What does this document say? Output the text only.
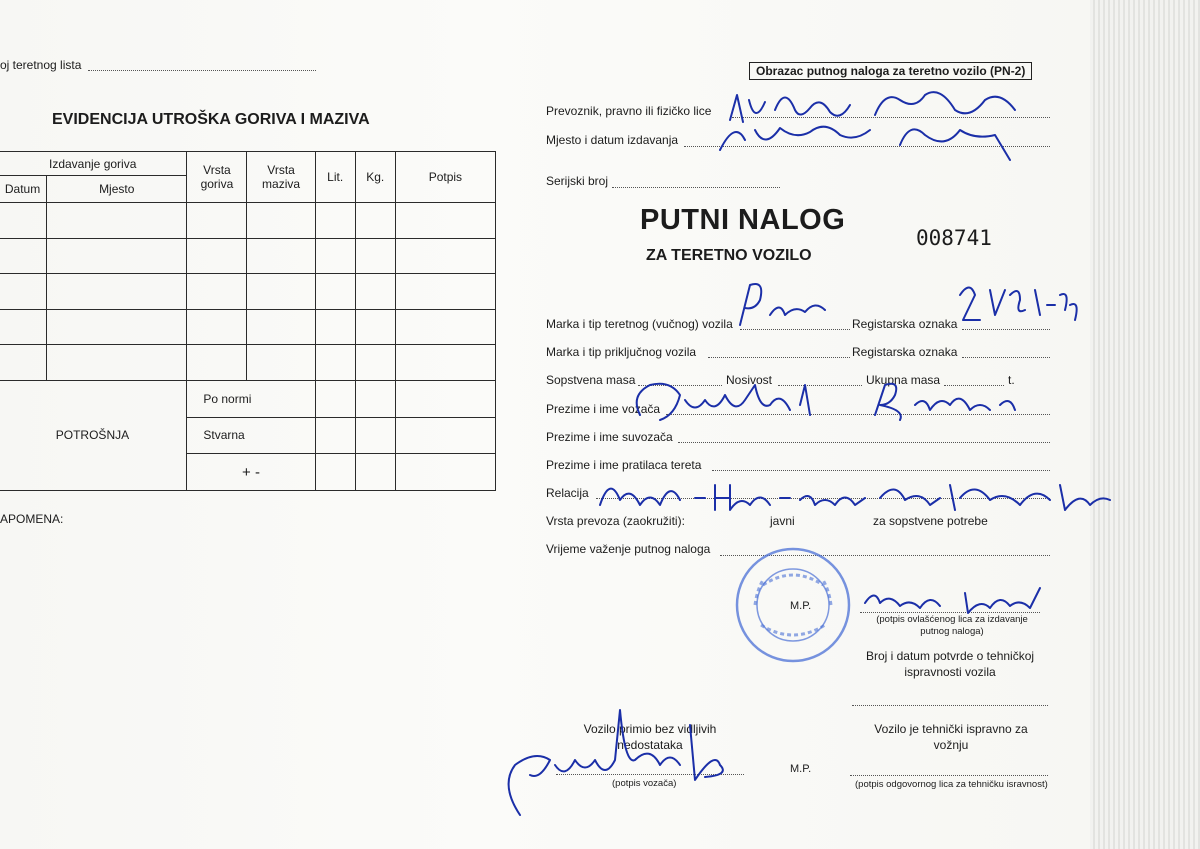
oj teretnog lista
EVIDENCIJA UTROŠKA GORIVA I MAZIVA
Izdavanje goriva		Vrsta goriva	Vrsta maziva	Lit.	Kg.	Potpis
Datum	Mjesto					

POTROŠNJA		Po normi				
		Stvarna				
		+ -				
APOMENA:
Obrazac putnog naloga za teretno vozilo (PN-2)
Prevoznik, pravno ili fizičko lice
Mjesto i datum izdavanja
Serijski broj
PUTNI NALOG
ZA TERETNO VOZILO
008741
Marka i tip teretnog (vučnog) vozila	Registarska oznaka
Marka i tip priključnog vozila	Registarska oznaka
Sopstvena masa	Nosivost	Ukupna masa	t.
Prezime i ime vozača
Prezime i ime suvozača
Prezime i ime pratilaca tereta
Relacija
Vrsta prevoza (zaokružiti):	javni	za sopstvene potrebe
Vrijeme važenje putnog naloga
M.P.
(potpis ovlašćenog lica za izdavanje putnog naloga)
Broj i datum potvrde o tehničkoj ispravnosti vozila
Vozilo primio bez vidljivih nedostataka
(potpis vozača)
M.P.
Vozilo je tehnički ispravno za vožnju
(potpis odgovornog lica za tehničku isravnost)
